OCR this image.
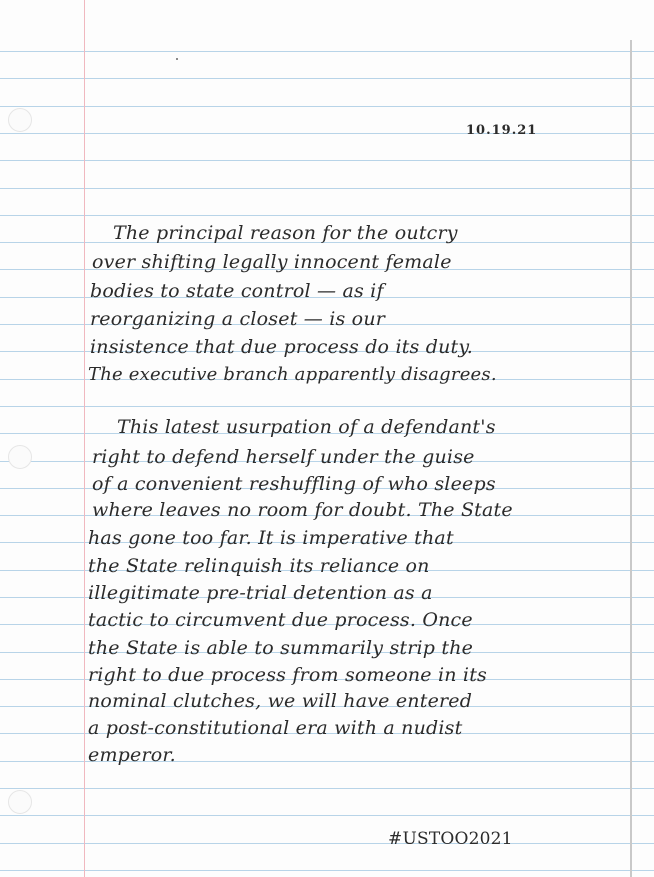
10.19.21
The principal reason for the outcry
over shifting legally innocent female
bodies to state control — as if
reorganizing a closet — is our
insistence that due process do its duty.
The executive branch apparently disagrees.
This latest usurpation of a defendant's
right to defend herself under the guise
of a convenient reshuffling of who sleeps
where leaves no room for doubt. The State
has gone too far. It is imperative that
the State relinquish its reliance on
illegitimate pre-trial detention as a
tactic to circumvent due process. Once
the State is able to summarily strip the
right to due process from someone in its
nominal clutches, we will have entered
a post-constitutional era with a nudist
emperor.
#USTOO2021
